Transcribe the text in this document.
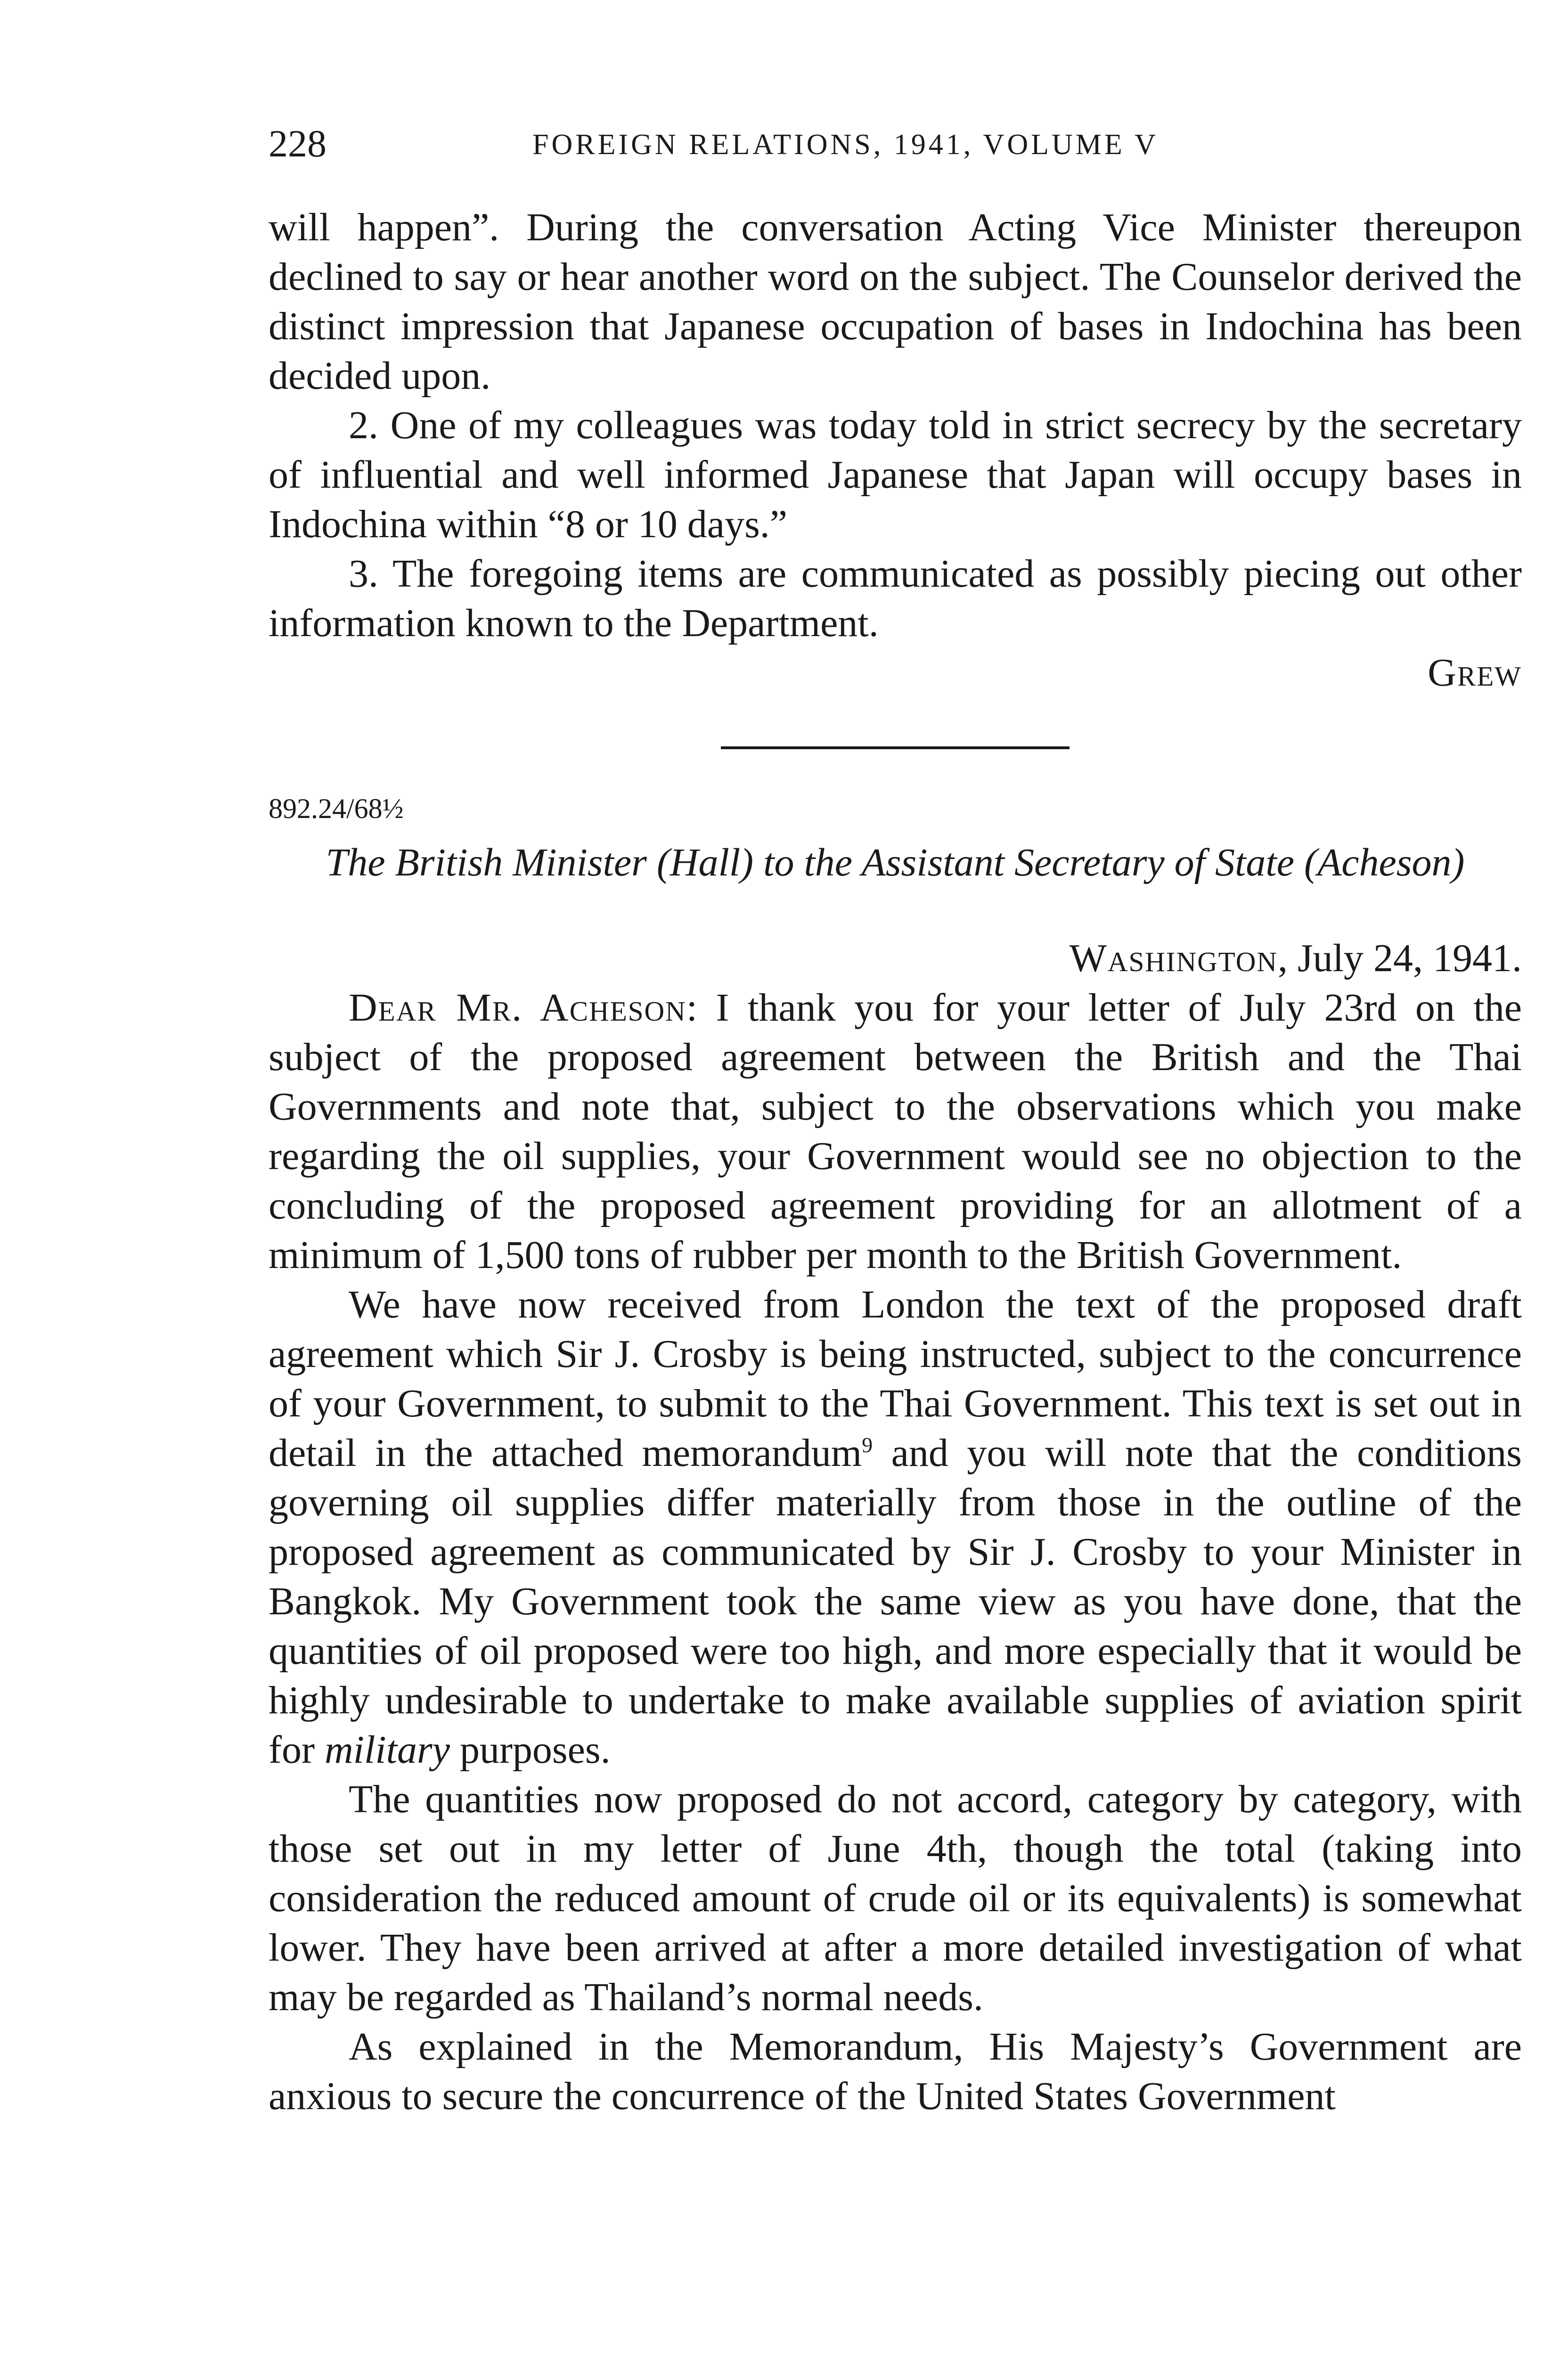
228	FOREIGN RELATIONS, 1941, VOLUME V

will happen”. During the conversation Acting Vice Minister thereupon declined to say or hear another word on the subject. The Counselor derived the distinct impression that Japanese occupation of bases in Indochina has been decided upon.

2. One of my colleagues was today told in strict secrecy by the secretary of influential and well informed Japanese that Japan will occupy bases in Indochina within “8 or 10 days.”

3. The foregoing items are communicated as possibly piecing out other information known to the Department.

Grew

892.24/68½

The British Minister (Hall) to the Assistant Secretary of State (Acheson)

Washington, July 24, 1941.

Dear Mr. Acheson: I thank you for your letter of July 23rd on the subject of the proposed agreement between the British and the Thai Governments and note that, subject to the observations which you make regarding the oil supplies, your Government would see no objection to the concluding of the proposed agreement providing for an allotment of a minimum of 1,500 tons of rubber per month to the British Government.

We have now received from London the text of the proposed draft agreement which Sir J. Crosby is being instructed, subject to the concurrence of your Government, to submit to the Thai Government. This text is set out in detail in the attached memorandum$^9$ and you will note that the conditions governing oil supplies differ materially from those in the outline of the proposed agreement as communicated by Sir J. Crosby to your Minister in Bangkok. My Government took the same view as you have done, that the quantities of oil proposed were too high, and more especially that it would be highly undesirable to undertake to make available supplies of aviation spirit for military purposes.

The quantities now proposed do not accord, category by category, with those set out in my letter of June 4th, though the total (taking into consideration the reduced amount of crude oil or its equivalents) is somewhat lower. They have been arrived at after a more detailed investigation of what may be regarded as Thailand’s normal needs.

As explained in the Memorandum, His Majesty’s Government are anxious to secure the concurrence of the United States Government
